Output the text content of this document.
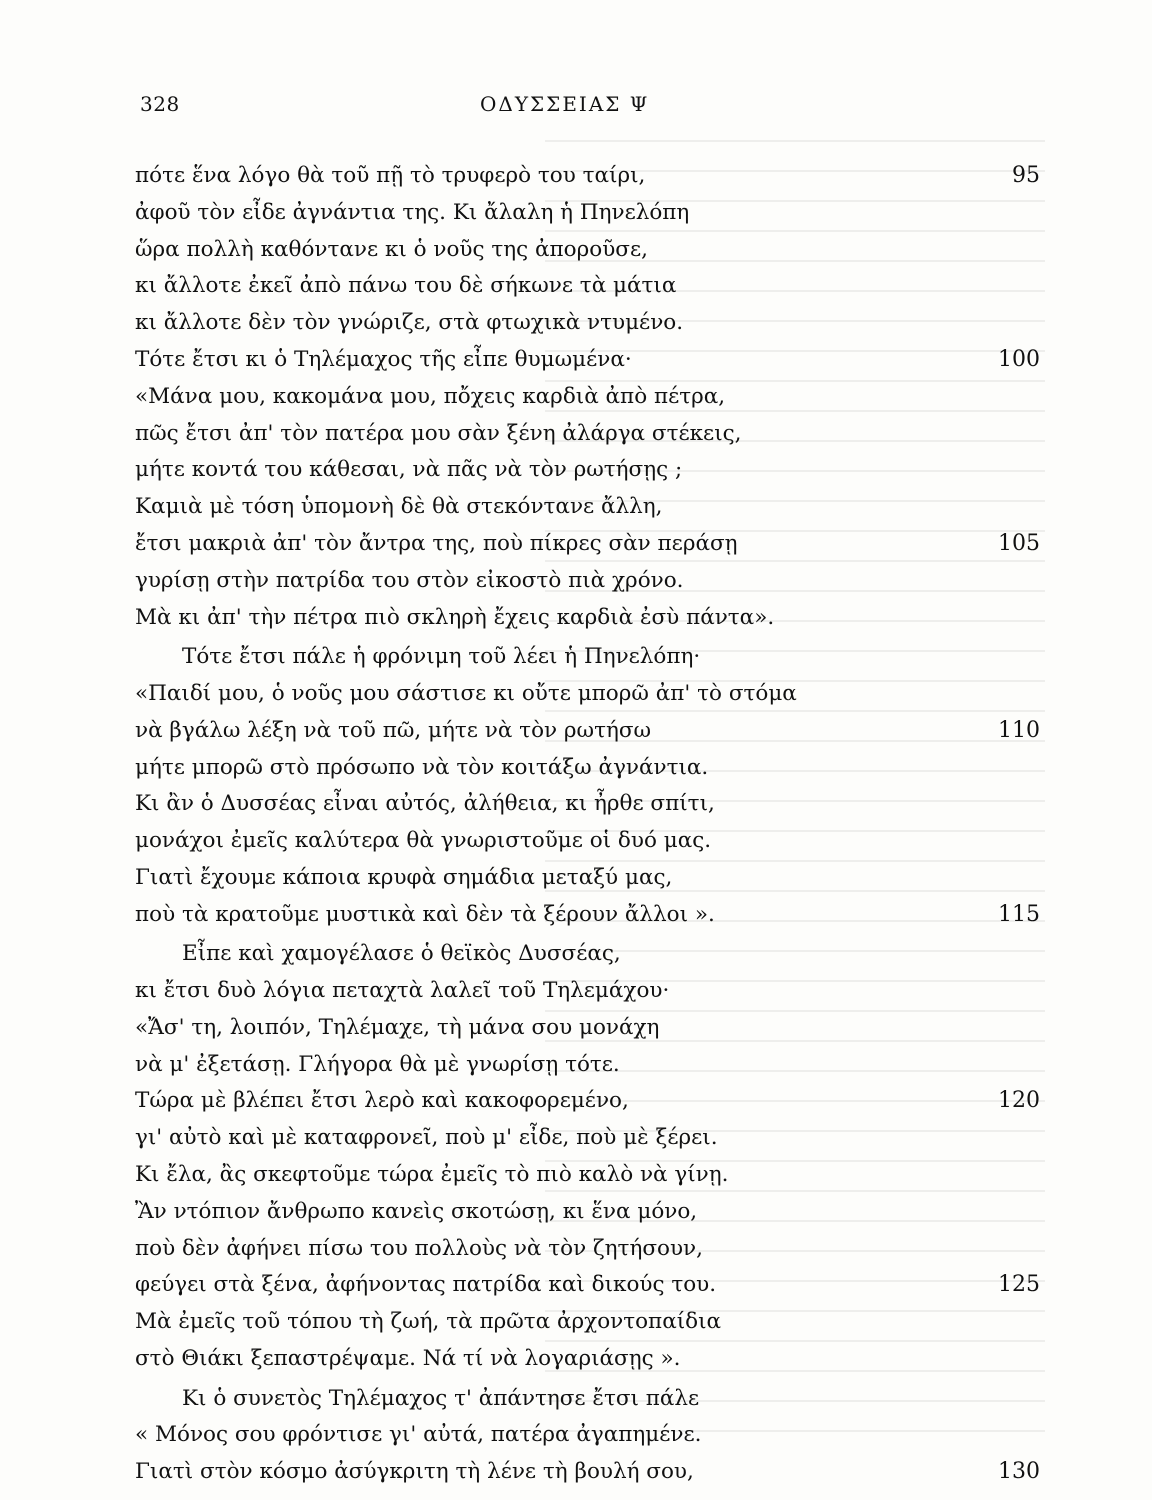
328	ΟΔΥΣΣΕΙΑΣ Ψ
πότε ἕνα λόγο θὰ τοῦ πῇ τὸ τρυφερὸ του ταίρι,	95
ἀφοῦ τὸν εἶδε ἀγνάντια της. Κι ἄλαλη ἡ Πηνελόπη
ὥρα πολλὴ καθόντανε κι ὁ νοῦς της ἀποροῦσε,
κι ἄλλοτε ἐκεῖ ἀπὸ πάνω του δὲ σήκωνε τὰ μάτια
κι ἄλλοτε δὲν τὸν γνώριζε, στὰ φτωχικὰ ντυμένο.
Τότε ἔτσι κι ὁ Τηλέμαχος τῆς εἶπε θυμωμένα·	100
«Μάνα μου, κακομάνα μου, πὄχεις καρδιὰ ἀπὸ πέτρα,
πῶς ἔτσι ἀπ' τὸν πατέρα μου σὰν ξένη ἀλάργα στέκεις,
μήτε κοντά του κάθεσαι, νὰ πᾶς νὰ τὸν ρωτήσῃς ;
Καμιὰ μὲ τόση ὑπομονὴ δὲ θὰ στεκόντανε ἄλλη,
ἔτσι μακριὰ ἀπ' τὸν ἄντρα της, ποὺ πίκρες σὰν περάσῃ	105
γυρίσῃ στὴν πατρίδα του στὸν εἰκοστὸ πιὰ χρόνο.
Μὰ κι ἀπ' τὴν πέτρα πιὸ σκληρὴ ἔχεις καρδιὰ ἐσὺ πάντα».
Τότε ἔτσι πάλε ἡ φρόνιμη τοῦ λέει ἡ Πηνελόπη·
«Παιδί μου, ὁ νοῦς μου σάστισε κι οὔτε μπορῶ ἀπ' τὸ στόμα
νὰ βγάλω λέξη νὰ τοῦ πῶ, μήτε νὰ τὸν ρωτήσω	110
μήτε μπορῶ στὸ πρόσωπο νὰ τὸν κοιτάξω ἀγνάντια.
Κι ἂν ὁ Δυσσέας εἶναι αὐτός, ἀλήθεια, κι ἦρθε σπίτι,
μονάχοι ἐμεῖς καλύτερα θὰ γνωριστοῦμε οἱ δυό μας.
Γιατὶ ἔχουμε κάποια κρυφὰ σημάδια μεταξύ μας,
ποὺ τὰ κρατοῦμε μυστικὰ καὶ δὲν τὰ ξέρουν ἄλλοι ».	115
Εἶπε καὶ χαμογέλασε ὁ θεϊκὸς Δυσσέας,
κι ἔτσι δυὸ λόγια πεταχτὰ λαλεῖ τοῦ Τηλεμάχου·
«Ἄσ' τη, λοιπόν, Τηλέμαχε, τὴ μάνα σου μονάχη
νὰ μ' ἐξετάσῃ. Γλήγορα θὰ μὲ γνωρίσῃ τότε.
Τώρα μὲ βλέπει ἔτσι λερὸ καὶ κακοφορεμένο,	120
γι' αὐτὸ καὶ μὲ καταφρονεῖ, ποὺ μ' εἶδε, ποὺ μὲ ξέρει.
Κι ἔλα, ἂς σκεφτοῦμε τώρα ἐμεῖς τὸ πιὸ καλὸ νὰ γίνῃ.
Ἂν ντόπιον ἄνθρωπο κανεὶς σκοτώσῃ, κι ἕνα μόνο,
ποὺ δὲν ἀφήνει πίσω του πολλοὺς νὰ τὸν ζητήσουν,
φεύγει στὰ ξένα, ἀφήνοντας πατρίδα καὶ δικούς του.	125
Μὰ ἐμεῖς τοῦ τόπου τὴ ζωή, τὰ πρῶτα ἀρχοντοπαίδια
στὸ Θιάκι ξεπαστρέψαμε. Νά τί νὰ λογαριάσῃς ».
Κι ὁ συνετὸς Τηλέμαχος τ' ἀπάντησε ἔτσι πάλε
« Μόνος σου φρόντισε γι' αὐτά, πατέρα ἀγαπημένε.
Γιατὶ στὸν κόσμο ἀσύγκριτη τὴ λένε τὴ βουλή σου,	130
